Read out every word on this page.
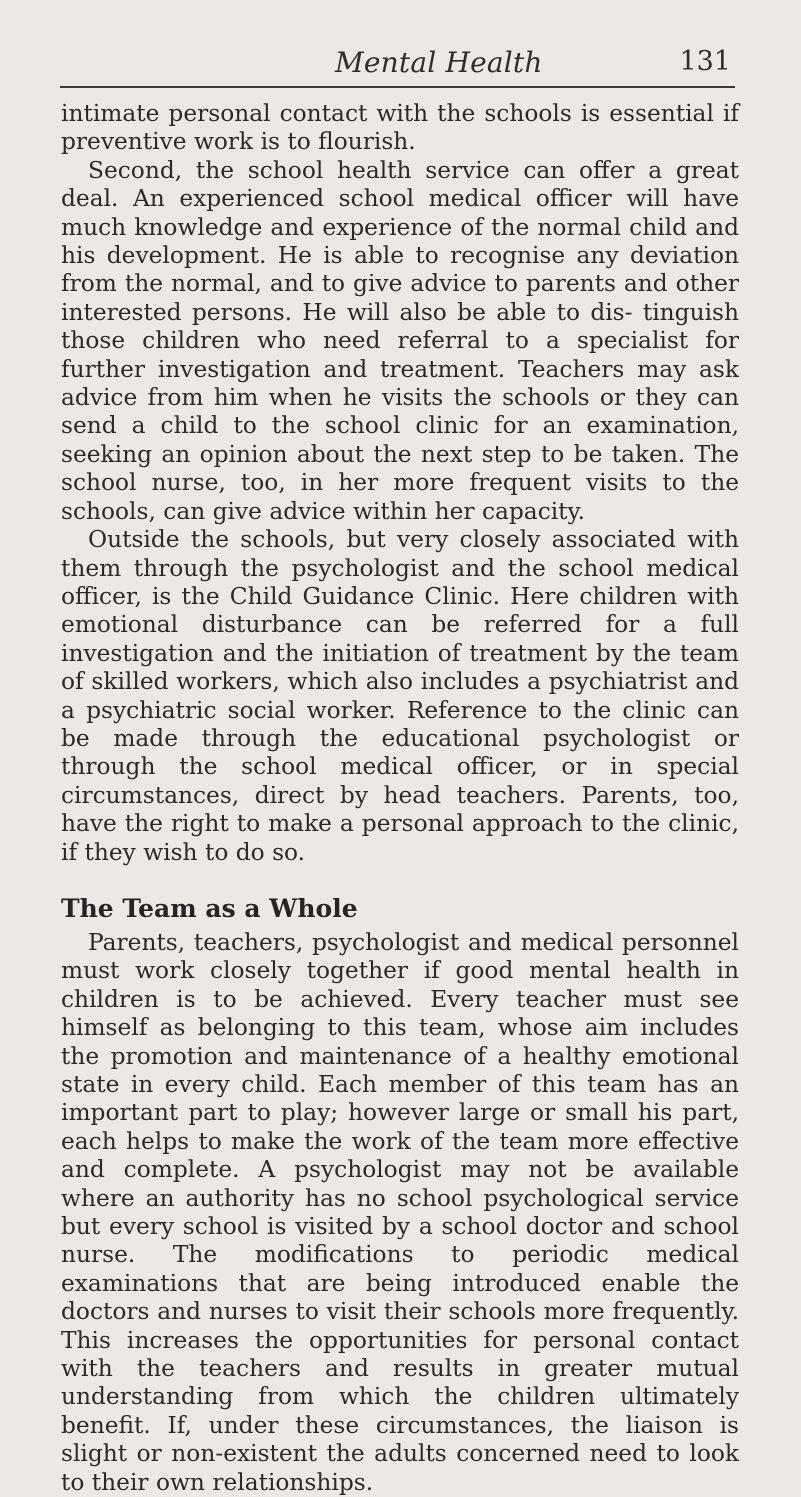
Mental Health	131

intimate personal contact with the schools is essential if preventive work is to flourish.

Second, the school health service can offer a great deal. An experienced school medical officer will have much knowledge and experience of the normal child and his development. He is able to recognise any deviation from the normal, and to give advice to parents and other interested persons. He will also be able to dis- tinguish those children who need referral to a specialist for further investigation and treatment. Teachers may ask advice from him when he visits the schools or they can send a child to the school clinic for an examination, seeking an opinion about the next step to be taken. The school nurse, too, in her more frequent visits to the schools, can give advice within her capacity.

Outside the schools, but very closely associated with them through the psychologist and the school medical officer, is the Child Guidance Clinic. Here children with emotional disturbance can be referred for a full investigation and the initiation of treatment by the team of skilled workers, which also includes a psychiatrist and a psychiatric social worker. Reference to the clinic can be made through the educational psychologist or through the school medical officer, or in special circumstances, direct by head teachers. Parents, too, have the right to make a personal approach to the clinic, if they wish to do so.

The Team as a Whole

Parents, teachers, psychologist and medical personnel must work closely together if good mental health in children is to be achieved. Every teacher must see himself as belonging to this team, whose aim includes the promotion and maintenance of a healthy emotional state in every child. Each member of this team has an important part to play; however large or small his part, each helps to make the work of the team more effective and complete. A psychologist may not be available where an authority has no school psychological service but every school is visited by a school doctor and school nurse. The modifications to periodic medical examinations that are being introduced enable the doctors and nurses to visit their schools more frequently. This increases the opportunities for personal contact with the teachers and results in greater mutual understanding from which the children ultimately benefit. If, under these circumstances, the liaison is slight or non-existent the adults concerned need to look to their own relationships.
